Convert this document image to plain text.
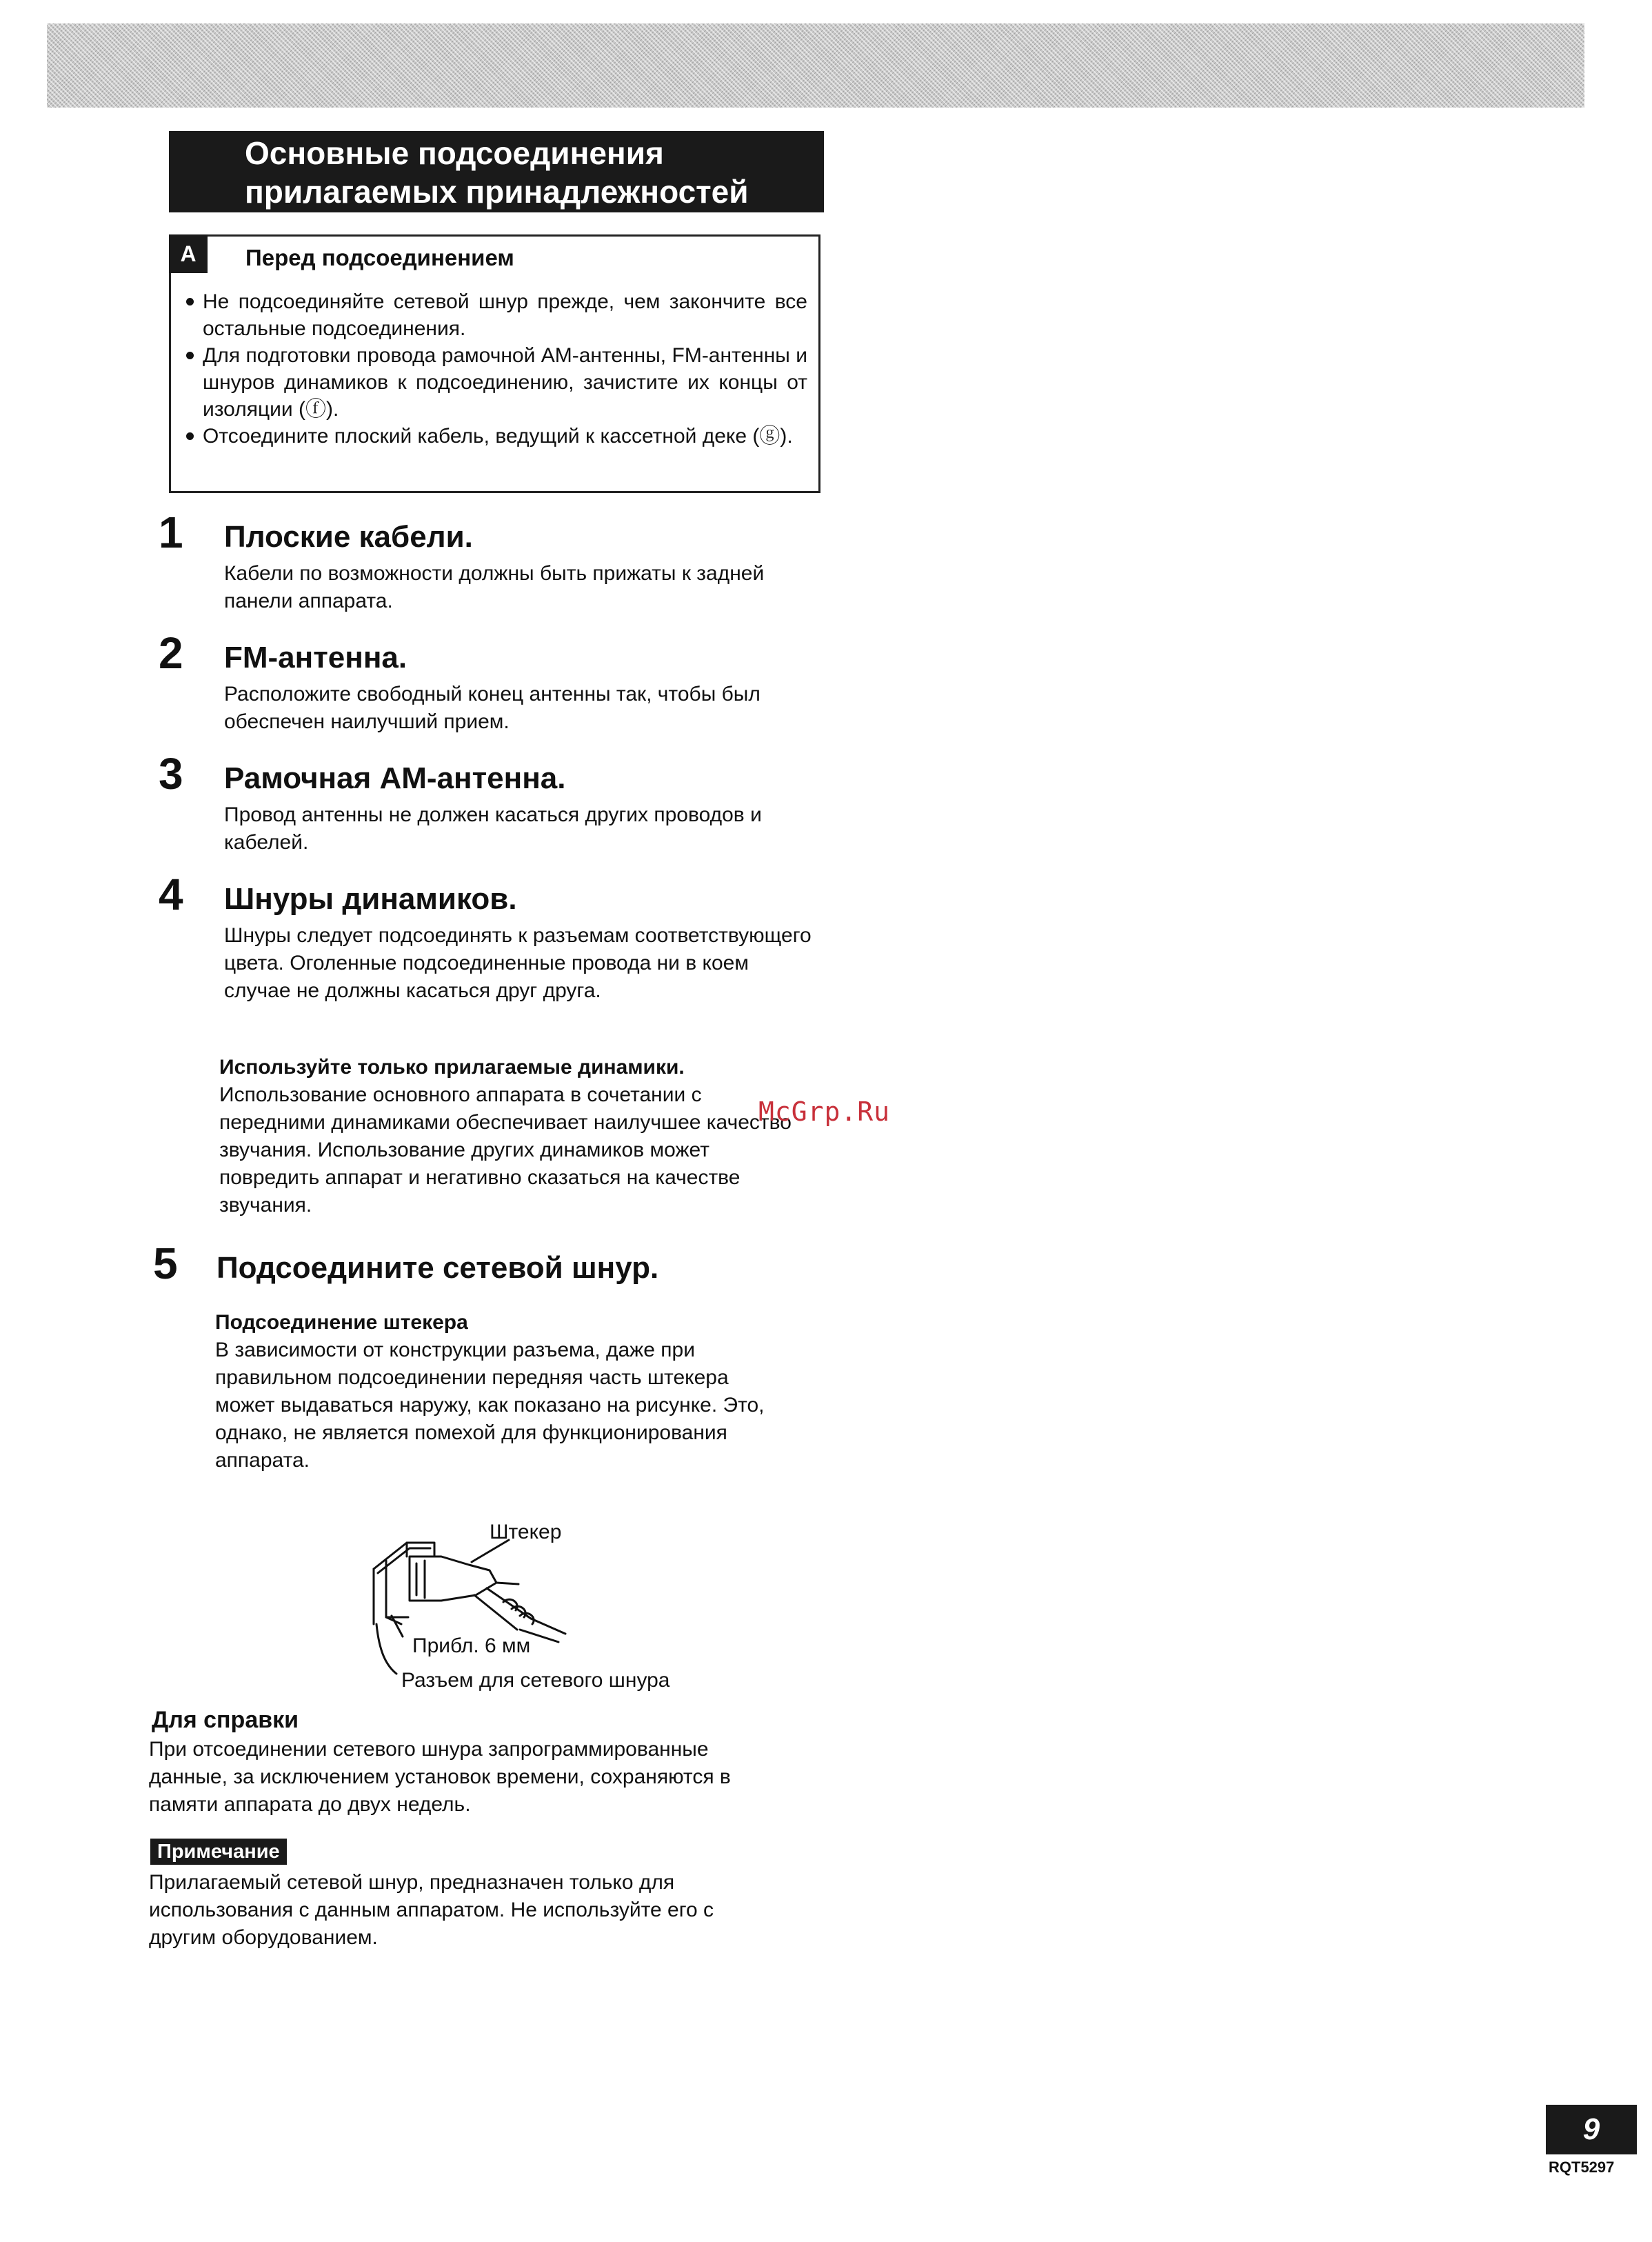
Основные подсоединения
прилагаемых принадлежностей
A	Перед подсоединением
Не подсоединяйте сетевой шнур прежде, чем закончите все остальные подсоединения.
Для подготовки провода рамочной AM-антенны, FM-антенны и шнуров динамиков к подсоединению, зачистите их концы от изоляции (ⓕ).
Отсоедините плоский кабель, ведущий к кассетной деке (ⓖ).
1 Плоские кабели.
Кабели по возможности должны быть прижаты к задней панели аппарата.
2 FM-антенна.
Расположите свободный конец антенны так, чтобы был обеспечен наилучший прием.
3 Рамочная AM-антенна.
Провод антенны не должен касаться других проводов и кабелей.
4 Шнуры динамиков.
Шнуры следует подсоединять к разъемам соответствующего цвета. Оголенные подсоединенные провода ни в коем случае не должны касаться друг друга.
Используйте только прилагаемые динамики.
Использование основного аппарата в сочетании с передними динамиками обеспечивает наилучшее качество звучания. Использование других динамиков может повредить аппарат и негативно сказаться на качестве звучания.
McGrp.Ru
5 Подсоедините сетевой шнур.
Подсоединение штекера
В зависимости от конструкции разъема, даже при правильном подсоединении передняя часть штекера может выдаваться наружу, как показано на рисунке. Это, однако, не является помехой для функционирования аппарата.
Штекер
Прибл. 6 мм
Разъем для сетевого шнура
Для справки
При отсоединении сетевого шнура запрограммированные данные, за исключением установок времени, сохраняются в памяти аппарата до двух недель.
Примечание
Прилагаемый сетевой шнур, предназначен только для использования с данным аппаратом. Не используйте его с другим оборудованием.
9
RQT5297
